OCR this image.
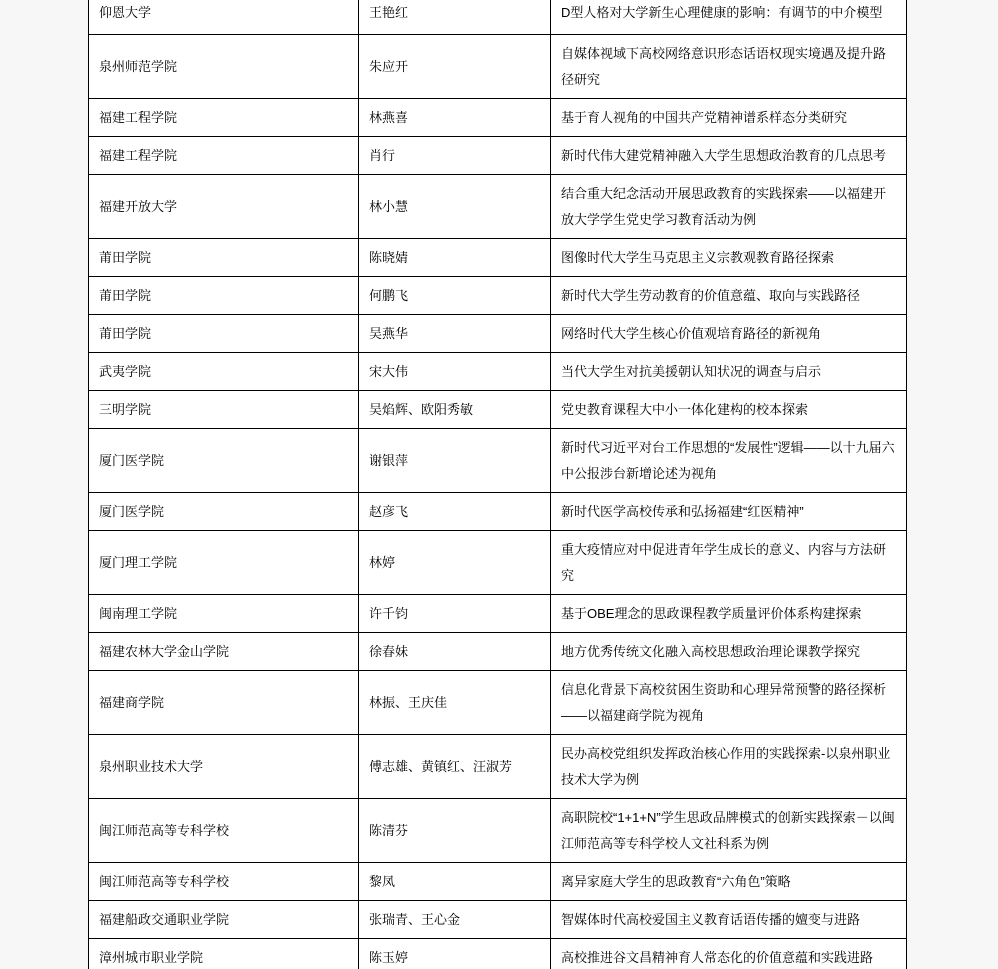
仰恩大学	王艳红	D型人格对大学新生心理健康的影响：有调节的中介模型
泉州师范学院	朱应开	自媒体视域下高校网络意识形态话语权现实境遇及提升路径研究
福建工程学院	林燕喜	基于育人视角的中国共产党精神谱系样态分类研究
福建工程学院	肖行	新时代伟大建党精神融入大学生思想政治教育的几点思考
福建开放大学	林小慧	结合重大纪念活动开展思政教育的实践探索——以福建开放大学学生党史学习教育活动为例
莆田学院	陈晓婧	图像时代大学生马克思主义宗教观教育路径探索
莆田学院	何鹏飞	新时代大学生劳动教育的价值意蕴、取向与实践路径
莆田学院	吴燕华	网络时代大学生核心价值观培育路径的新视角
武夷学院	宋大伟	当代大学生对抗美援朝认知状况的调查与启示
三明学院	吴焰辉、欧阳秀敏	党史教育课程大中小一体化建构的校本探索
厦门医学院	谢银萍	新时代习近平对台工作思想的“发展性”逻辑——以十九届六中公报涉台新增论述为视角
厦门医学院	赵彦飞	新时代医学高校传承和弘扬福建“红医精神”
厦门理工学院	林婷	重大疫情应对中促进青年学生成长的意义、内容与方法研究
闽南理工学院	许千钧	基于OBE理念的思政课程教学质量评价体系构建探索
福建农林大学金山学院	徐春妹	地方优秀传统文化融入高校思想政治理论课教学探究
福建商学院	林振、王庆佳	信息化背景下高校贫困生资助和心理异常预警的路径探析——以福建商学院为视角
泉州职业技术大学	傅志雄、黄镇红、汪淑芳	民办高校党组织发挥政治核心作用的实践探索-以泉州职业技术大学为例
闽江师范高等专科学校	陈清芬	高职院校“1+1+N”学生思政品牌模式的创新实践探索－以闽江师范高等专科学校人文社科系为例
闽江师范高等专科学校	黎凤	离异家庭大学生的思政教育“六角色”策略
福建船政交通职业学院	张瑞青、王心金	智媒体时代高校爱国主义教育话语传播的嬗变与进路
漳州城市职业学院	陈玉婷	高校推进谷文昌精神育人常态化的价值意蕴和实践进路
